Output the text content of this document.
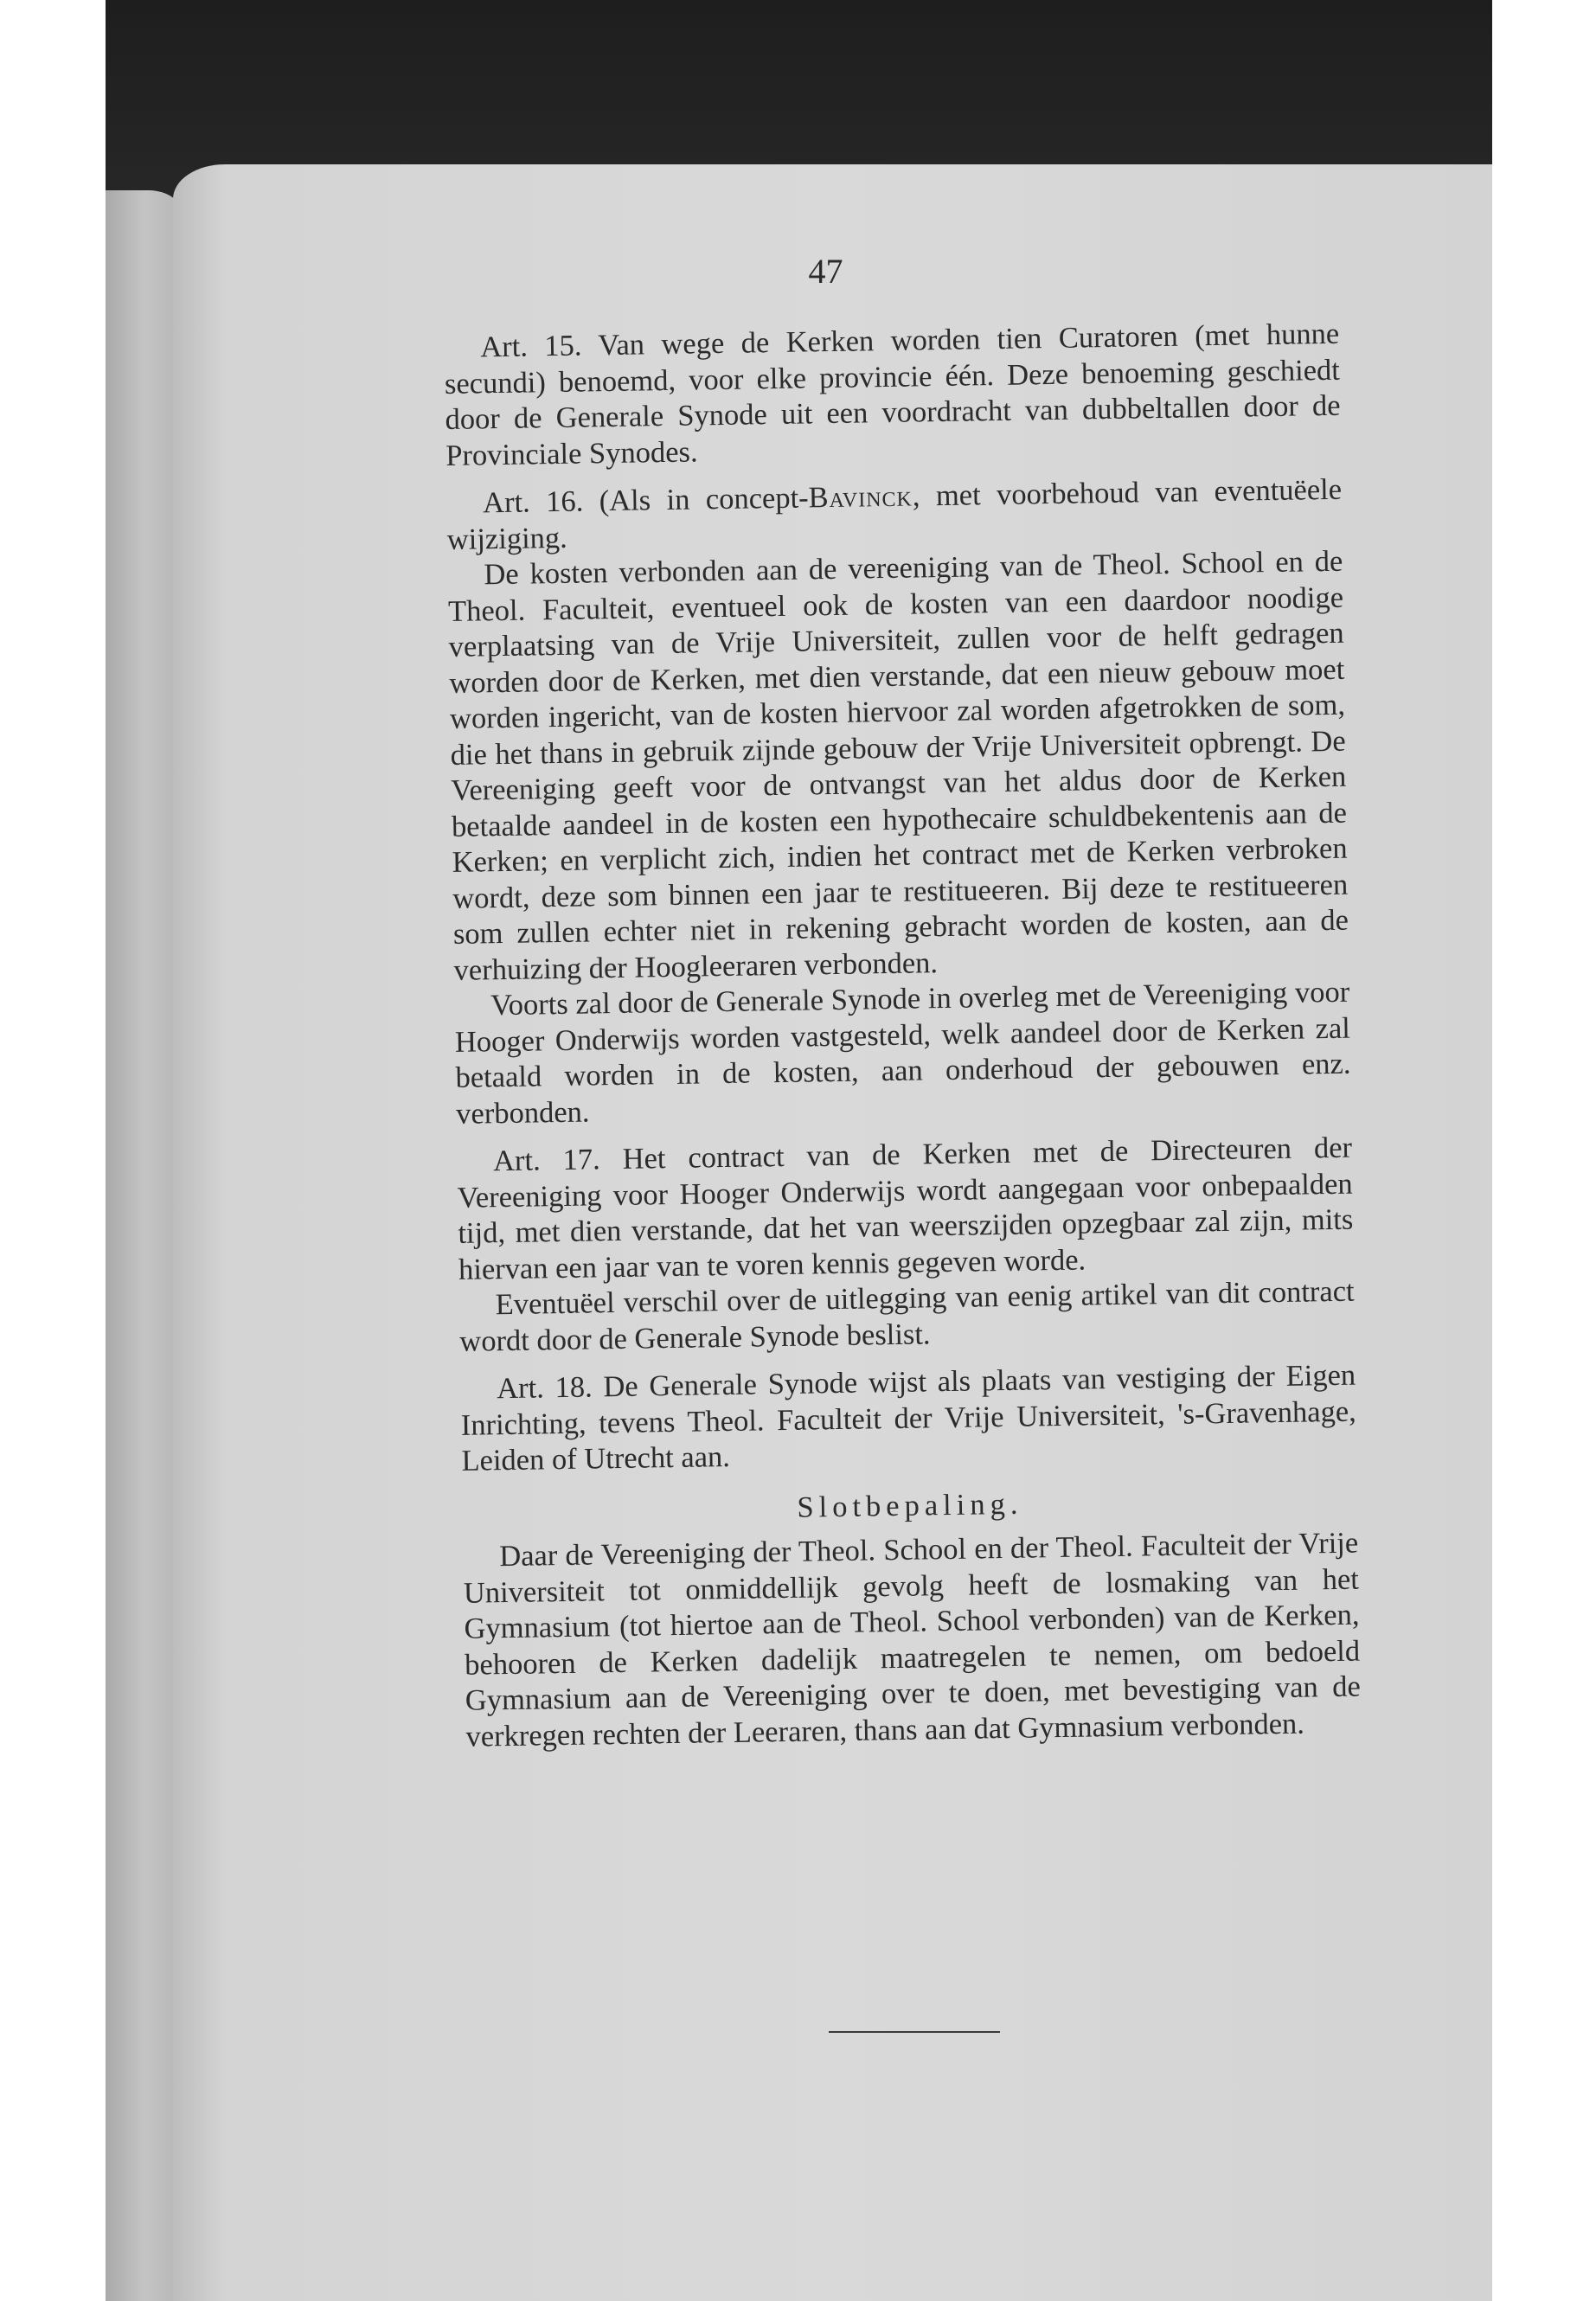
47

Art. 15. Van wege de Kerken worden tien Curatoren (met hunne secundi) benoemd, voor elke provincie één. Deze benoeming geschiedt door de Generale Synode uit een voordracht van dubbeltallen door de Provinciale Synodes.

Art. 16. (Als in concept-Bavinck, met voorbehoud van eventuëele wijziging.

De kosten verbonden aan de vereeniging van de Theol. School en de Theol. Faculteit, eventueel ook de kosten van een daardoor noodige verplaatsing van de Vrije Universiteit, zullen voor de helft gedragen worden door de Kerken, met dien verstande, dat een nieuw gebouw moet worden ingericht, van de kosten hiervoor zal worden afgetrokken de som, die het thans in gebruik zijnde gebouw der Vrije Universiteit opbrengt. De Vereeniging geeft voor de ontvangst van het aldus door de Kerken betaalde aandeel in de kosten een hypothecaire schuldbekentenis aan de Kerken; en verplicht zich, indien het contract met de Kerken verbroken wordt, deze som binnen een jaar te restitueeren. Bij deze te restitueeren som zullen echter niet in rekening gebracht worden de kosten, aan de verhuizing der Hoogleeraren verbonden.

Voorts zal door de Generale Synode in overleg met de Vereeniging voor Hooger Onderwijs worden vastgesteld, welk aandeel door de Kerken zal betaald worden in de kosten, aan onderhoud der gebouwen enz. verbonden.

Art. 17. Het contract van de Kerken met de Directeuren der Vereeniging voor Hooger Onderwijs wordt aangegaan voor onbepaalden tijd, met dien verstande, dat het van weerszijden opzegbaar zal zijn, mits hiervan een jaar van te voren kennis gegeven worde.

Eventuëel verschil over de uitlegging van eenig artikel van dit contract wordt door de Generale Synode beslist.

Art. 18. De Generale Synode wijst als plaats van vestiging der Eigen Inrichting, tevens Theol. Faculteit der Vrije Universiteit, 's-Gravenhage, Leiden of Utrecht aan.

Slotbepaling.

Daar de Vereeniging der Theol. School en der Theol. Faculteit der Vrije Universiteit tot onmiddellijk gevolg heeft de losmaking van het Gymnasium (tot hiertoe aan de Theol. School verbonden) van de Kerken, behooren de Kerken dadelijk maatregelen te nemen, om bedoeld Gymnasium aan de Vereeniging over te doen, met bevestiging van de verkregen rechten der Leeraren, thans aan dat Gymnasium verbonden.
